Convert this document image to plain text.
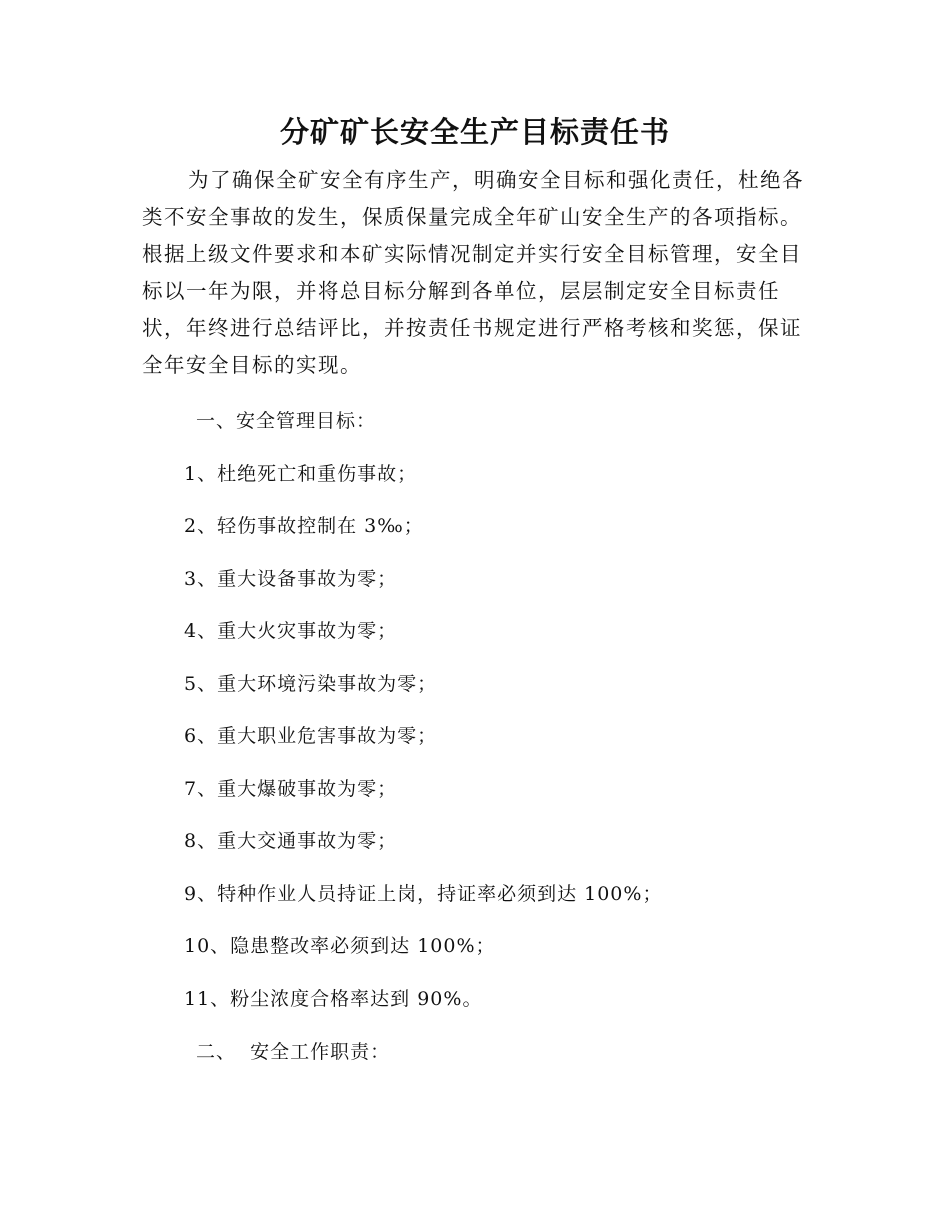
分矿矿长安全生产目标责任书

为了确保全矿安全有序生产，明确安全目标和强化责任，杜绝各
类不安全事故的发生，保质保量完成全年矿山安全生产的各项指标。
根据上级文件要求和本矿实际情况制定并实行安全目标管理，安全目
标以一年为限，并将总目标分解到各单位，层层制定安全目标责任
状，年终进行总结评比，并按责任书规定进行严格考核和奖惩，保证
全年安全目标的实现。

一、安全管理目标：

1、杜绝死亡和重伤事故；

2、轻伤事故控制在 3‰；

3、重大设备事故为零；

4、重大火灾事故为零；

5、重大环境污染事故为零；

6、重大职业危害事故为零；

7、重大爆破事故为零；

8、重大交通事故为零；

9、特种作业人员持证上岗，持证率必须到达 100%；

10、隐患整改率必须到达 100%；

11、粉尘浓度合格率达到 90%。

二、  安全工作职责：
